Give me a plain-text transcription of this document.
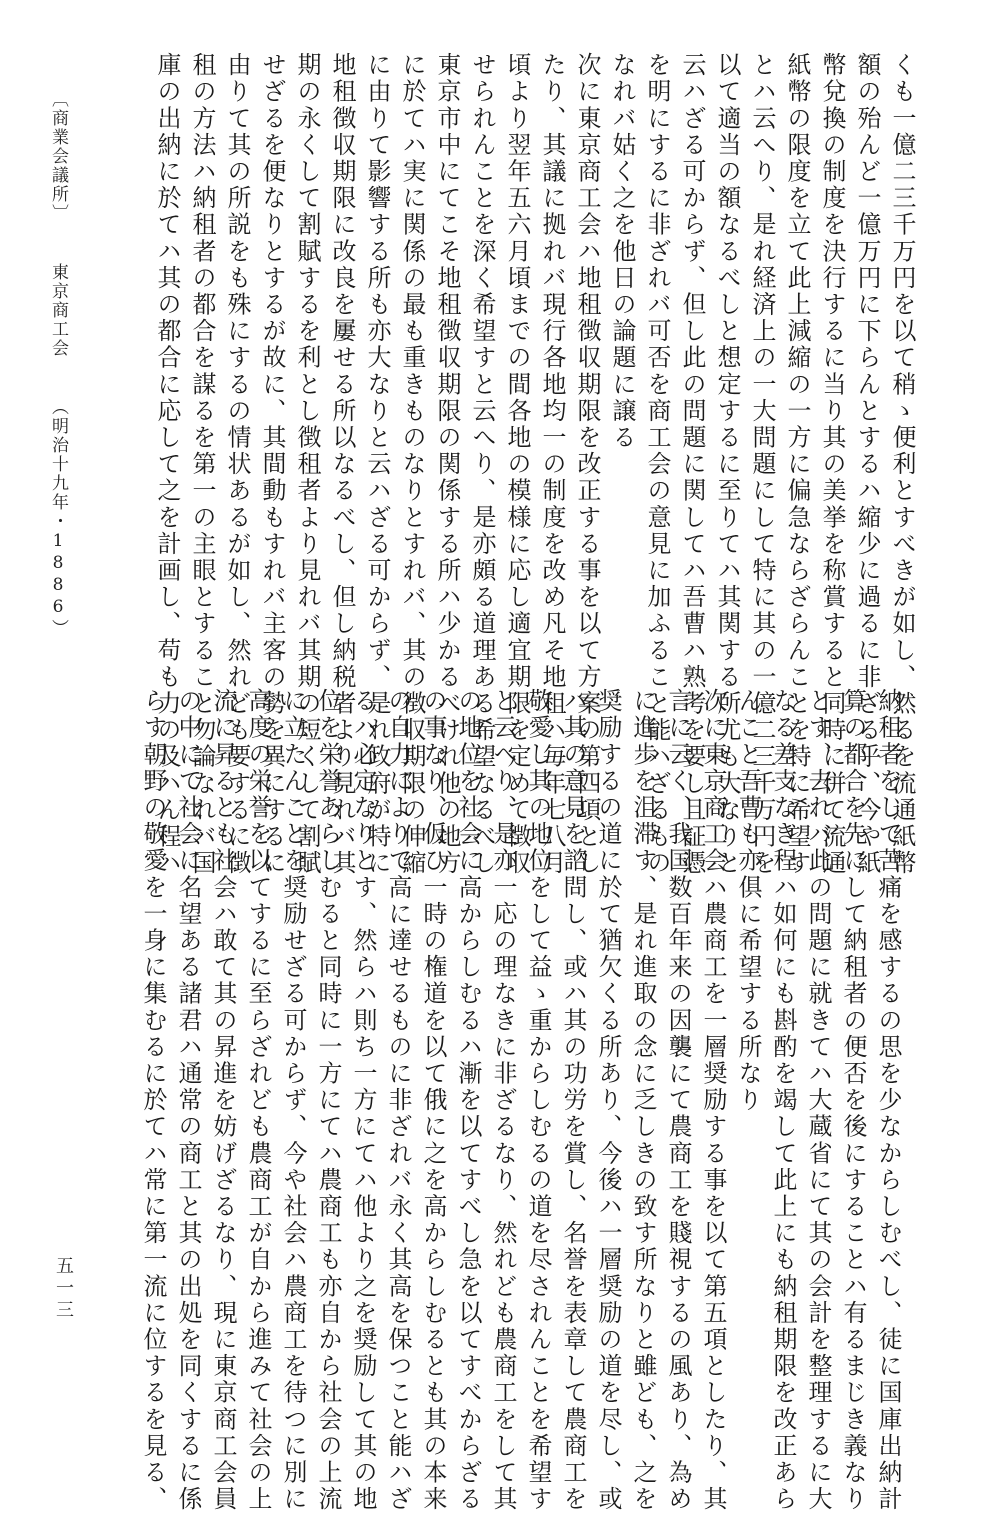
くも一億二三千万円を以て稍ゝ便利とすべきが如し、然るを流通紙幣
額の殆んど一億万円に下らんとするハ縮少に過るに非ざる乎、今や紙
幣兌換の制度を決行するに当り其の美挙を称賞すると同時に併て流通
紙幣の限度を立て此上減縮の一方に偏急ならざらんことを特に希望す
とハ云へり、是れ経済上の一大問題にして特に其の一億二三千万円を
以て適当の額なるべしと想定するに至りてハ其関する所尤も大なりと
云ハざる可からず、但し此の問題に関してハ吾曹ハ熟考を要し且証憑
を明にするに非ざれバ可否を商工会の意見に加ふること能ハざるもの
なれバ姑く之を他日の論題に譲る
次に東京商工会ハ地租徴収期限を改正する事を以て方案の第四項とし
たり、其議に拠れバ現行各地均一の制度を改め凡そ地租ハ毎年七八月
頃より翌年五六月頃までの間各地の模様に応し適宜期限を定めて徴収
せられんことを深く希望すと云へり、是亦頗る道理ある希望なるべし
東京市中にてこそ地租徴収期限の関係する所ハ少かるべけれ他の地方
に於てハ実に関係の最も重きものなりとすれバ、其の徴収期限の伸縮
に由りて影響する所も亦大なりと云ハざる可からず、是れ政府が特に
地租徴収期限に改良を屢せる所以なるべし、但し納税者より見れバ其
期の永くして割賦するを利とし徴租者より見れバ其期の短くして割賦
せざるを便なりとするが故に、其間動もすれバ主客の勢を異にするに
由りて其の所説をも殊にするの情状あるが如し、然れども要するに徴
租の方法ハ納租者の都合を謀るを第一の主眼とすること勿論なれバ国
庫の出納に於てハ其の都合に応して之を計画し、苟も力の及ハん程ハ
納租者をして苦痛を感するの思を少なからしむべし、徒に国庫出納計
算の都合を先にして納租者の便否を後にすることハ有るまじき義なり
とす、去れバ此の問題に就きてハ大蔵省にて其の会計を整理するに大
なる差支なき程ハ如何にも斟酌を竭して此上にも納租期限を改正あら
んこと吾曹も亦俱に希望する所なり
次に東京商工会ハ農商工を一層奨励する事を以て第五項としたり、其
言に云く、我国数百年来の因襲にて農商工を賤視するの風あり、為め
に進歩を沮滞す、是れ進取の念に乏しきの致す所なりと雖ども、之を
奨励するの道に於て猶欠くる所あり、今後ハ一層奨励の道を尽し、或
ハ其の意見を諮問し、或ハ其の功労を賞し、名誉を表章して農商工を
敬愛し其の地位をして益ゝ重からしむるの道を尽されんことを希望す
と云へり、是亦一応の理なきに非ざるなり、然れども農商工をして其
の地位を社会に高からしむるハ漸を以てすべし急を以てすべからざる
の事なり、仮ひ一時の権道を以て俄に之を高からしむるとも其の本来
の自力によりて高に達せるものに非ざれバ永く其高を保つこと能ハざ
るハ必定なりとす、然らハ則ち一方にてハ他より之を奨励して其の地
位を栄誉あらしむると同時に一方にてハ農商工も亦自から社会の上流
に立たんことを奨励せざる可からず、今や社会ハ農商工を待つに別に
高度の栄誉を以てするに至らざれども農商工が自から進みて社会の上
流に昇るとも社会ハ敢て其の昇進を妨げざるなり、現に東京商工会員
の中にて社会に名望ある諸君ハ通常の商工と其の出処を同くするに係
らす朝野の敬愛を一身に集むるに於てハ常に第一流に位するを見る、
〔商業会議所〕東京商工会（明治十九年・1886）
五一三
